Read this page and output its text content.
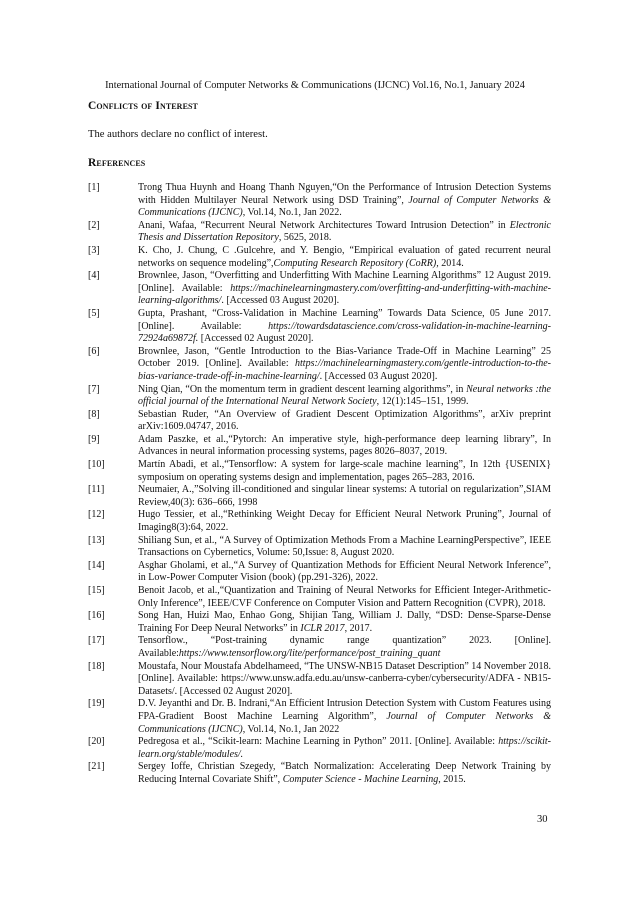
International Journal of Computer Networks & Communications (IJCNC) Vol.16, No.1, January 2024
Conflicts of Interest
The authors declare no conflict of interest.
References
[1]	Trong Thua Huynh and Hoang Thanh Nguyen,“On the Performance of Intrusion Detection Systems with Hidden Multilayer Neural Network using DSD Training”, Journal of Computer Networks & Communications (IJCNC), Vol.14, No.1, Jan 2022.
[2]	Anani, Wafaa, “Recurrent Neural Network Architectures Toward Intrusion Detection” in Electronic Thesis and Dissertation Repository, 5625, 2018.
[3]	K. Cho, J. Chung, C .Gulcehre, and Y. Bengio, “Empirical evaluation of gated recurrent neural networks on sequence modeling”,Computing Research Repository (CoRR), 2014.
[4]	Brownlee, Jason, “Overfitting and Underfitting With Machine Learning Algorithms” 12 August 2019. [Online]. Available: https://machinelearningmastery.com/overfitting-and-underfitting-with-machine-learning-algorithms/. [Accessed 03 August 2020].
[5]	Gupta, Prashant, “Cross-Validation in Machine Learning” Towards Data Science, 05 June 2017. [Online]. Available: https://towardsdatascience.com/cross-validation-in-machine-learning-72924a69872f. [Accessed 02 August 2020].
[6]	Brownlee, Jason, “Gentle Introduction to the Bias-Variance Trade-Off in Machine Learning” 25 October 2019. [Online]. Available: https://machinelearningmastery.com/gentle-introduction-to-the-bias-variance-trade-off-in-machine-learning/. [Accessed 03 August 2020].
[7]	Ning Qian, “On the momentum term in gradient descent learning algorithms”, in Neural networks :the official journal of the International Neural Network Society, 12(1):145–151, 1999.
[8]	Sebastian Ruder, “An Overview of Gradient Descent Optimization Algorithms”, arXiv preprint arXiv:1609.04747, 2016.
[9]	Adam Paszke, et al.,“Pytorch: An imperative style, high-performance deep learning library”, In Advances in neural information processing systems, pages 8026–8037, 2019.
[10]	Martín Abadi, et al.,“Tensorflow: A system for large-scale machine learning”, In 12th {USENIX} symposium on operating systems design and implementation, pages 265–283, 2016.
[11]	Neumaier, A.,”Solving ill-conditioned and singular linear systems: A tutorial on regularization”,SIAM Review,40(3): 636–666, 1998
[12]	Hugo Tessier, et al.,“Rethinking Weight Decay for Efficient Neural Network Pruning”, Journal of Imaging8(3):64, 2022.
[13]	Shiliang Sun, et al., “A Survey of Optimization Methods From a Machine LearningPerspective”, IEEE Transactions on Cybernetics, Volume: 50,Issue: 8, August 2020.
[14]	Asghar Gholami, et al.,“A Survey of Quantization Methods for Efficient Neural Network Inference”, in Low-Power Computer Vision (book) (pp.291-326), 2022.
[15]	Benoit Jacob, et al.,“Quantization and Training of Neural Networks for Efficient Integer-Arithmetic-Only Inference”, IEEE/CVF Conference on Computer Vision and Pattern Recognition (CVPR), 2018.
[16]	Song Han, Huizi Mao, Enhao Gong, Shijian Tang, William J. Dally, “DSD: Dense-Sparse-Dense Training For Deep Neural Networks” in ICLR 2017, 2017.
[17]	Tensorflow., “Post-training dynamic range quantization” 2023. [Online]. Available:https://www.tensorflow.org/lite/performance/post_training_quant
[18]	Moustafa, Nour Moustafa Abdelhameed, “The UNSW-NB15 Dataset Description” 14 November 2018. [Online]. Available: https://www.unsw.adfa.edu.au/unsw-canberra-cyber/cybersecurity/ADFA - NB15-Datasets/. [Accessed 02 August 2020].
[19]	D.V. Jeyanthi and Dr. B. Indrani,“An Efficient Intrusion Detection System with Custom Features using FPA-Gradient Boost Machine Learning Algorithm”, Journal of Computer Networks & Communications (IJCNC), Vol.14, No.1, Jan 2022
[20]	Pedregosa et al., “Scikit-learn: Machine Learning in Python” 2011. [Online]. Available: https://scikit-learn.org/stable/modules/.
[21]	Sergey Ioffe, Christian Szegedy, “Batch Normalization: Accelerating Deep Network Training by Reducing Internal Covariate Shift”, Computer Science - Machine Learning, 2015.
30
